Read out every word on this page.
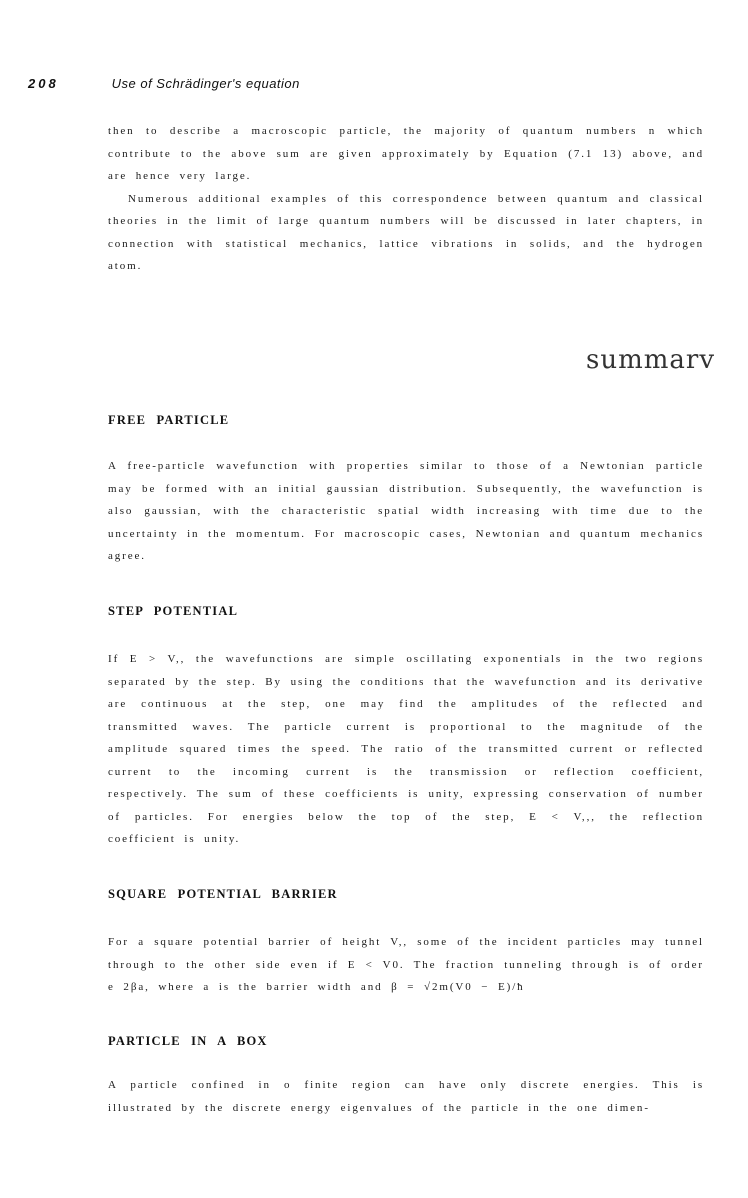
208	Use of Schrädinger's equation

then to describe a macroscopic particle, the majority of quantum numbers n which contribute to the above sum are given approximately by Equation (7.1 13) above, and are hence very large.

Numerous additional examples of this correspondence between quantum and classical theories in the limit of large quantum numbers will be discussed in later chapters, in connection with statistical mechanics, lattice vibrations in solids, and the hydrogen atom.

summarv
FREE PARTICLE

A free-particle wavefunction with properties similar to those of a Newtonian particle may be formed with an initial gaussian distribution. Subsequently, the wavefunction is also gaussian, with the characteristic spatial width increasing with time due to the uncertainty in the momentum. For macroscopic cases, Newtonian and quantum mechanics agree.

STEP POTENTIAL

If E > V,, the wavefunctions are simple oscillating exponentials in the two regions separated by the step. By using the conditions that the wavefunction and its derivative are continuous at the step, one may find the amplitudes of the reflected and transmitted waves. The particle current is proportional to the magnitude of the amplitude squared times the speed. The ratio of the transmitted current or reflected current to the incoming current is the transmission or reflection coefficient, respectively. The sum of these coefficients is unity, expressing conservation of number of particles. For energies below the top of the step, E < V,,, the reflection coefficient is unity.

SQUARE POTENTIAL BARRIER

For a square potential barrier of height V,, some of the incident particles may tunnel through to the other side even if E < V0. The fraction tunneling through is of order e 2βa, where a is the barrier width and β = √2m(V0 − E)/ħ

PARTICLE IN A BOX

A particle confined in o finite region can have only discrete energies. This is illustrated by the discrete energy eigenvalues of the particle in the one dimen-
